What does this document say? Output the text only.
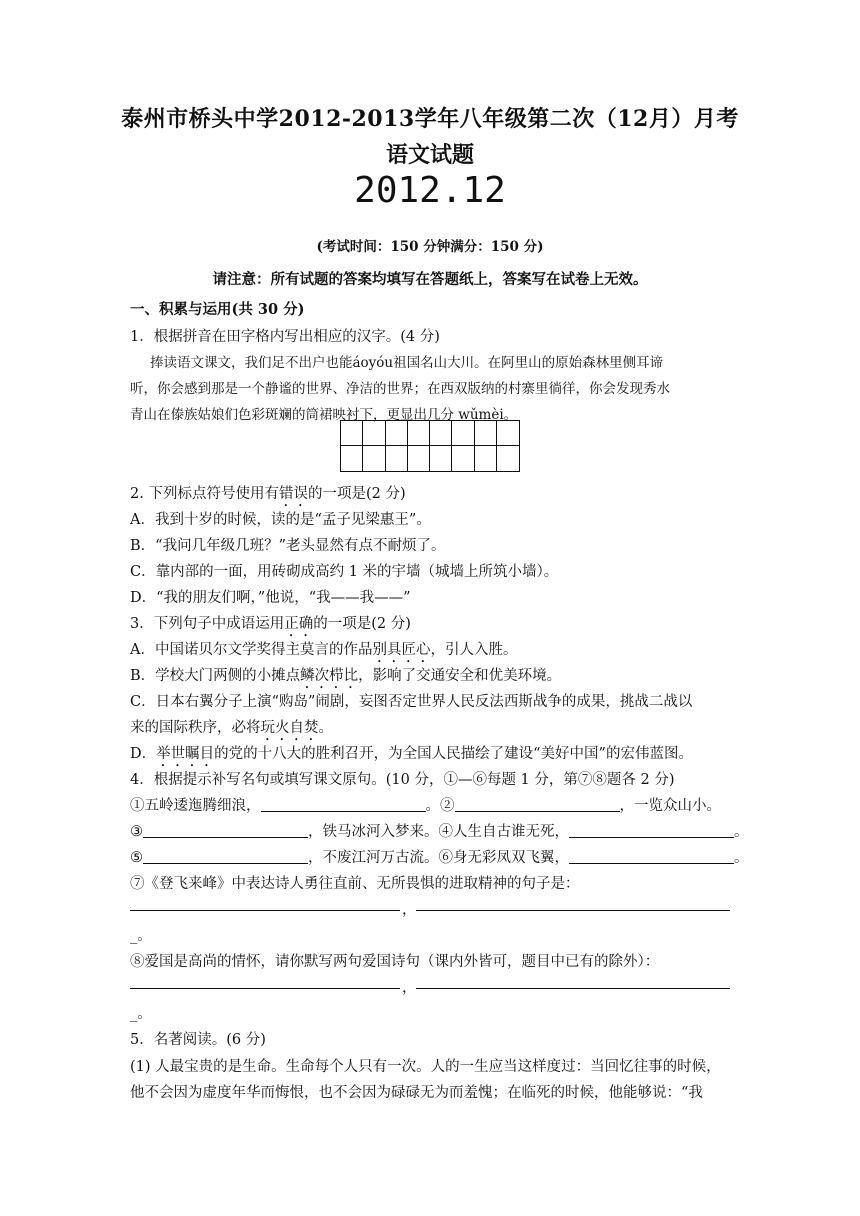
泰州市桥头中学2012-2013学年八年级第二次（12月）月考
语文试题
2012.12
(考试时间：150 分钟满分：150 分)
请注意：所有试题的答案均填写在答题纸上，答案写在试卷上无效。
一、积累与运用(共 30 分)
1．根据拼音在田字格内写出相应的汉字。(4 分)
捧读语文课文，我们足不出户也能áoyóu祖国名山大川。在阿里山的原始森林里侧耳谛
听，你会感到那是一个静谧的世界、净洁的世界；在西双版纳的村寨里徜徉，你会发现秀水
青山在傣族姑娘们色彩斑斓的筒裙映衬下，更显出几分 wǔmèi。
2. 下列标点符号使用有错误的一项是(2 分)
A．我到十岁的时候，读的是“孟子见梁惠王”。
B．“我问几年级几班？”老头显然有点不耐烦了。
C．靠内部的一面，用砖砌成高约 1 米的宇墙（城墙上所筑小墙）。
D．“我的朋友们啊，”他说，“我——我——”
3．下列句子中成语运用正确的一项是(2 分)
A．中国诺贝尔文学奖得主莫言的作品别具匠心，引人入胜。
B．学校大门两侧的小摊点鳞次栉比，影响了交通安全和优美环境。
C．日本右翼分子上演“购岛”闹剧，妄图否定世界人民反法西斯战争的成果，挑战二战以
来的国际秩序，必将玩火自焚。
D．举世瞩目的党的十八大的胜利召开，为全国人民描绘了建设“美好中国”的宏伟蓝图。
4．根据提示补写名句或填写课文原句。(10 分，①—⑥每题 1 分，第⑦⑧题各 2 分)
①五岭逶迤腾细浪，	。②	，一览众山小。
③	，铁马冰河入梦来。④人生自古谁无死，	。
⑤	，不废江河万古流。⑥身无彩凤双飞翼，	。
⑦《登飞来峰》中表达诗人勇往直前、无所畏惧的进取精神的句子是：
，
_。
⑧爱国是高尚的情怀，请你默写两句爱国诗句（课内外皆可，题目中已有的除外）：
，
_。
5．名著阅读。(6 分)
(1) 人最宝贵的是生命。生命每个人只有一次。人的一生应当这样度过：当回忆往事的时候，
他不会因为虚度年华而悔恨，也不会因为碌碌无为而羞愧；在临死的时候，他能够说：“我
